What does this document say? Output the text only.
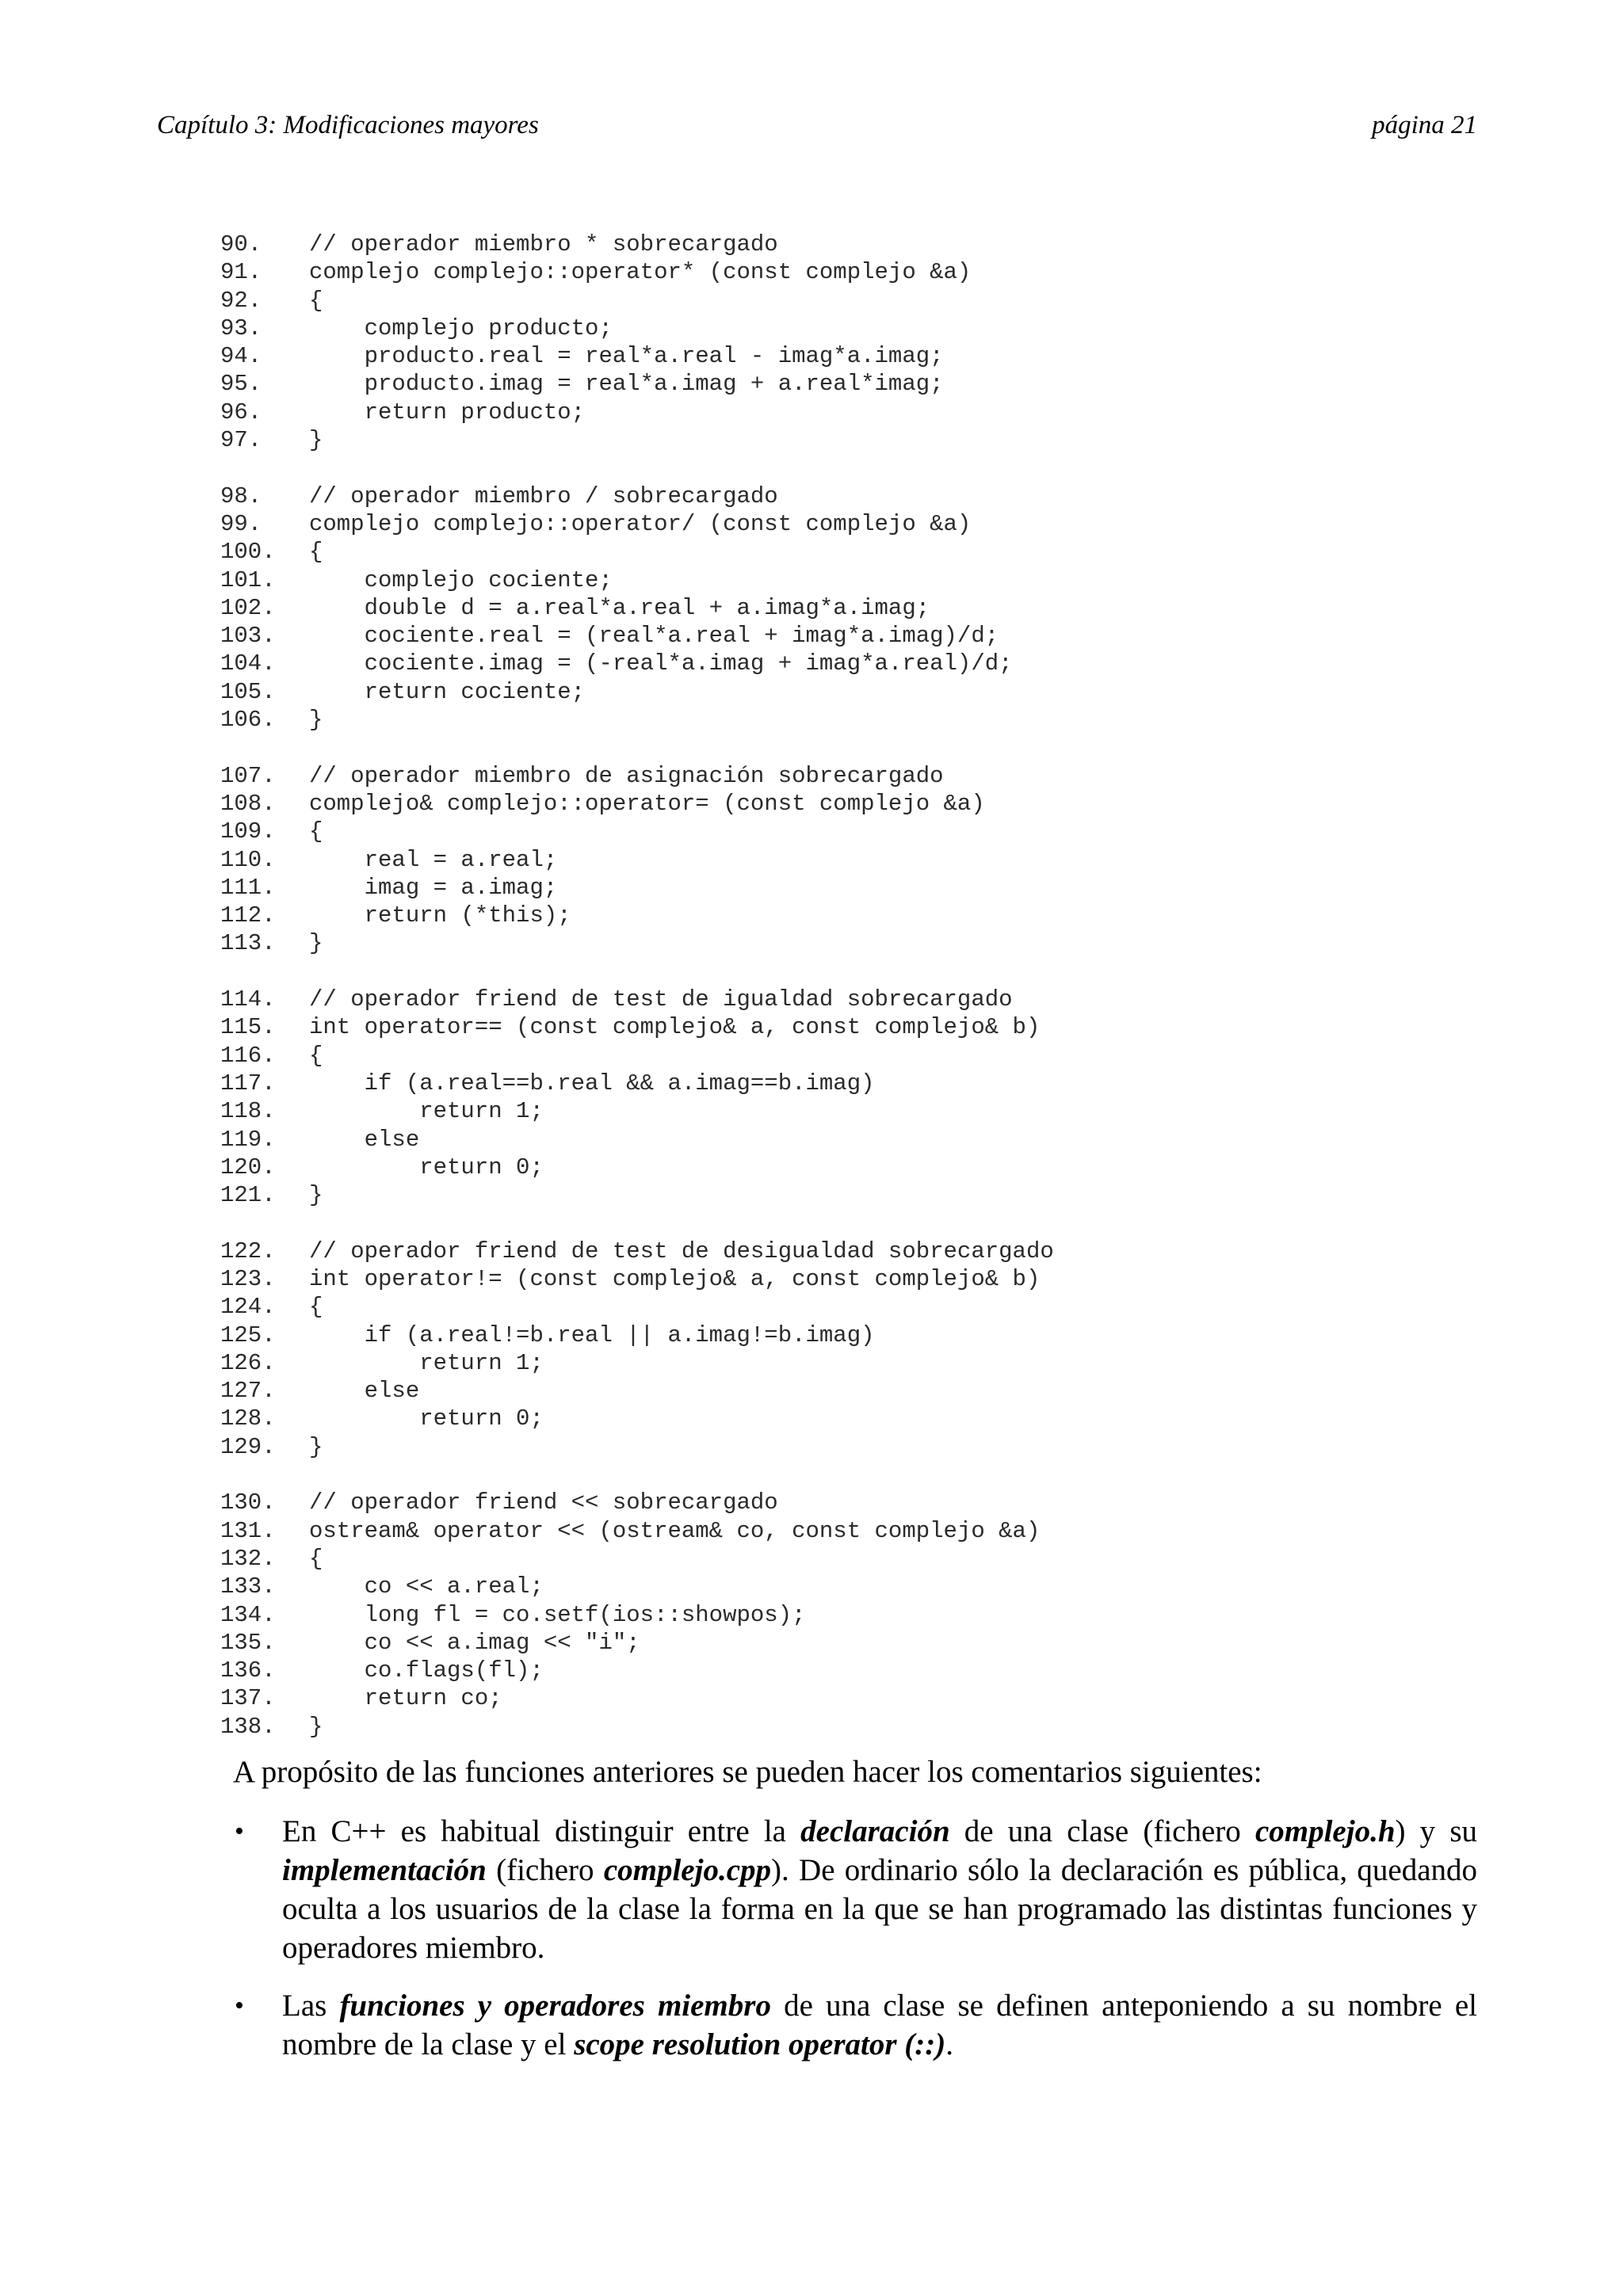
Capítulo 3: Modificaciones mayores	página 21
90. // operador miembro * sobrecargado
91. complejo complejo::operator* (const complejo &a)
92. {
93.    complejo producto;
94.    producto.real = real*a.real - imag*a.imag;
95.    producto.imag = real*a.imag + a.real*imag;
96.    return producto;
97. }
98. // operador miembro / sobrecargado
99. complejo complejo::operator/ (const complejo &a)
100. {
101.    complejo cociente;
102.    double d = a.real*a.real + a.imag*a.imag;
103.    cociente.real = (real*a.real + imag*a.imag)/d;
104.    cociente.imag = (-real*a.imag + imag*a.real)/d;
105.    return cociente;
106. }
107. // operador miembro de asignación sobrecargado
108. complejo& complejo::operator= (const complejo &a)
109. {
110.    real = a.real;
111.    imag = a.imag;
112.    return (*this);
113. }
114. // operador friend de test de igualdad sobrecargado
115. int operator== (const complejo& a, const complejo& b)
116. {
117.    if (a.real==b.real && a.imag==b.imag)
118.        return 1;
119.    else
120.        return 0;
121. }
122. // operador friend de test de desigualdad sobrecargado
123. int operator!= (const complejo& a, const complejo& b)
124. {
125.    if (a.real!=b.real || a.imag!=b.imag)
126.        return 1;
127.    else
128.        return 0;
129. }
130. // operador friend << sobrecargado
131. ostream& operator << (ostream& co, const complejo &a)
132. {
133.    co << a.real;
134.    long fl = co.setf(ios::showpos);
135.    co << a.imag << "i";
136.    co.flags(fl);
137.    return co;
138. }

A propósito de las funciones anteriores se pueden hacer los comentarios siguientes:

• En C++ es habitual distinguir entre la declaración de una clase (fichero complejo.h) y su implementación (fichero complejo.cpp). De ordinario sólo la declaración es pública, quedando oculta a los usuarios de la clase la forma en la que se han programado las distintas funciones y operadores miembro.
• Las funciones y operadores miembro de una clase se definen anteponiendo a su nombre el nombre de la clase y el scope resolution operator (::).
